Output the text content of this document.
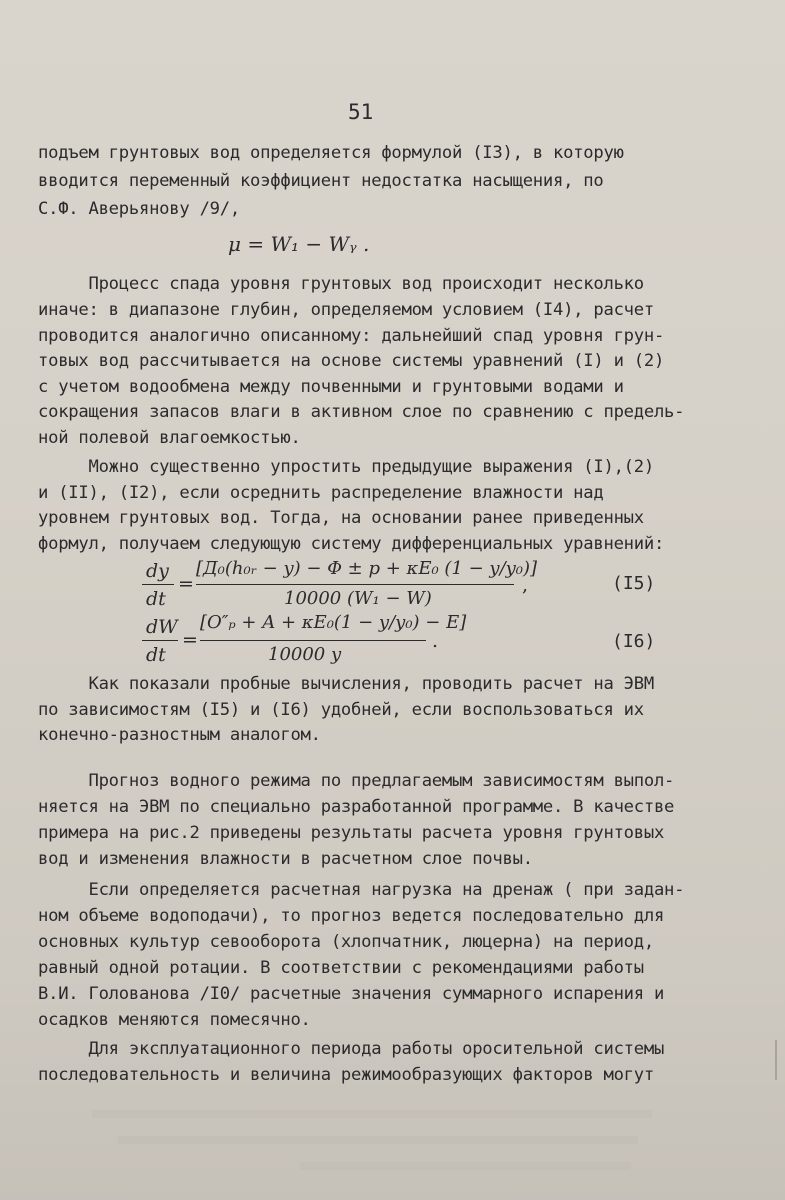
51
подъем грунтовых вод определяется формулой (I3), в которую
вводится переменный коэффициент недостатка насыщения, по
С.Ф. Аверьянову /9/,
μ = W₁ − Wᵧ .
Процесс спада уровня грунтовых вод происходит несколько
иначе: в диапазоне глубин, определяемом условием (I4), расчет
проводится аналогично описанному: дальнейший спад уровня грун-
товых вод рассчитывается на основе системы уравнений (I) и (2)
с учетом водообмена между почвенными и грунтовыми водами и
сокращения запасов влаги в активном слое по сравнению с предель-
ной полевой влагоемкостью.
Можно существенно упростить предыдущие выражения (I),(2)
и (II), (I2), если осреднить распределение влажности над
уровнем грунтовых вод. Тогда, на основании ранее приведенных
формул, получаем следующую систему дифференциальных уравнений:
dy
dt
=
[Д₀(h₀ᵣ − y) − Φ ± p + κE₀ (1 − y/y₀)]
10000 (W₁ − W)
,	(I5)
dW
dt
=
[O″ₚ + A + κE₀(1 − y/y₀) − E]
10000 y
.	(I6)
Как показали пробные вычисления, проводить расчет на ЭВМ
по зависимостям (I5) и (I6) удобней, если воспользоваться их
конечно-разностным аналогом.
Прогноз водного режима по предлагаемым зависимостям выпол-
няется на ЭВМ по специально разработанной программе. В качестве
примера на рис.2 приведены результаты расчета уровня грунтовых
вод и изменения влажности в расчетном слое почвы.
Если определяется расчетная нагрузка на дренаж ( при задан-
ном объеме водоподачи), то прогноз ведется последовательно для
основных культур севооборота (хлопчатник, люцерна) на период,
равный одной ротации. В соответствии с рекомендациями работы
В.И. Голованова /I0/ расчетные значения суммарного испарения и
осадков меняются помесячно.
Для эксплуатационного периода работы оросительной системы
последовательность и величина режимообразующих факторов могут
